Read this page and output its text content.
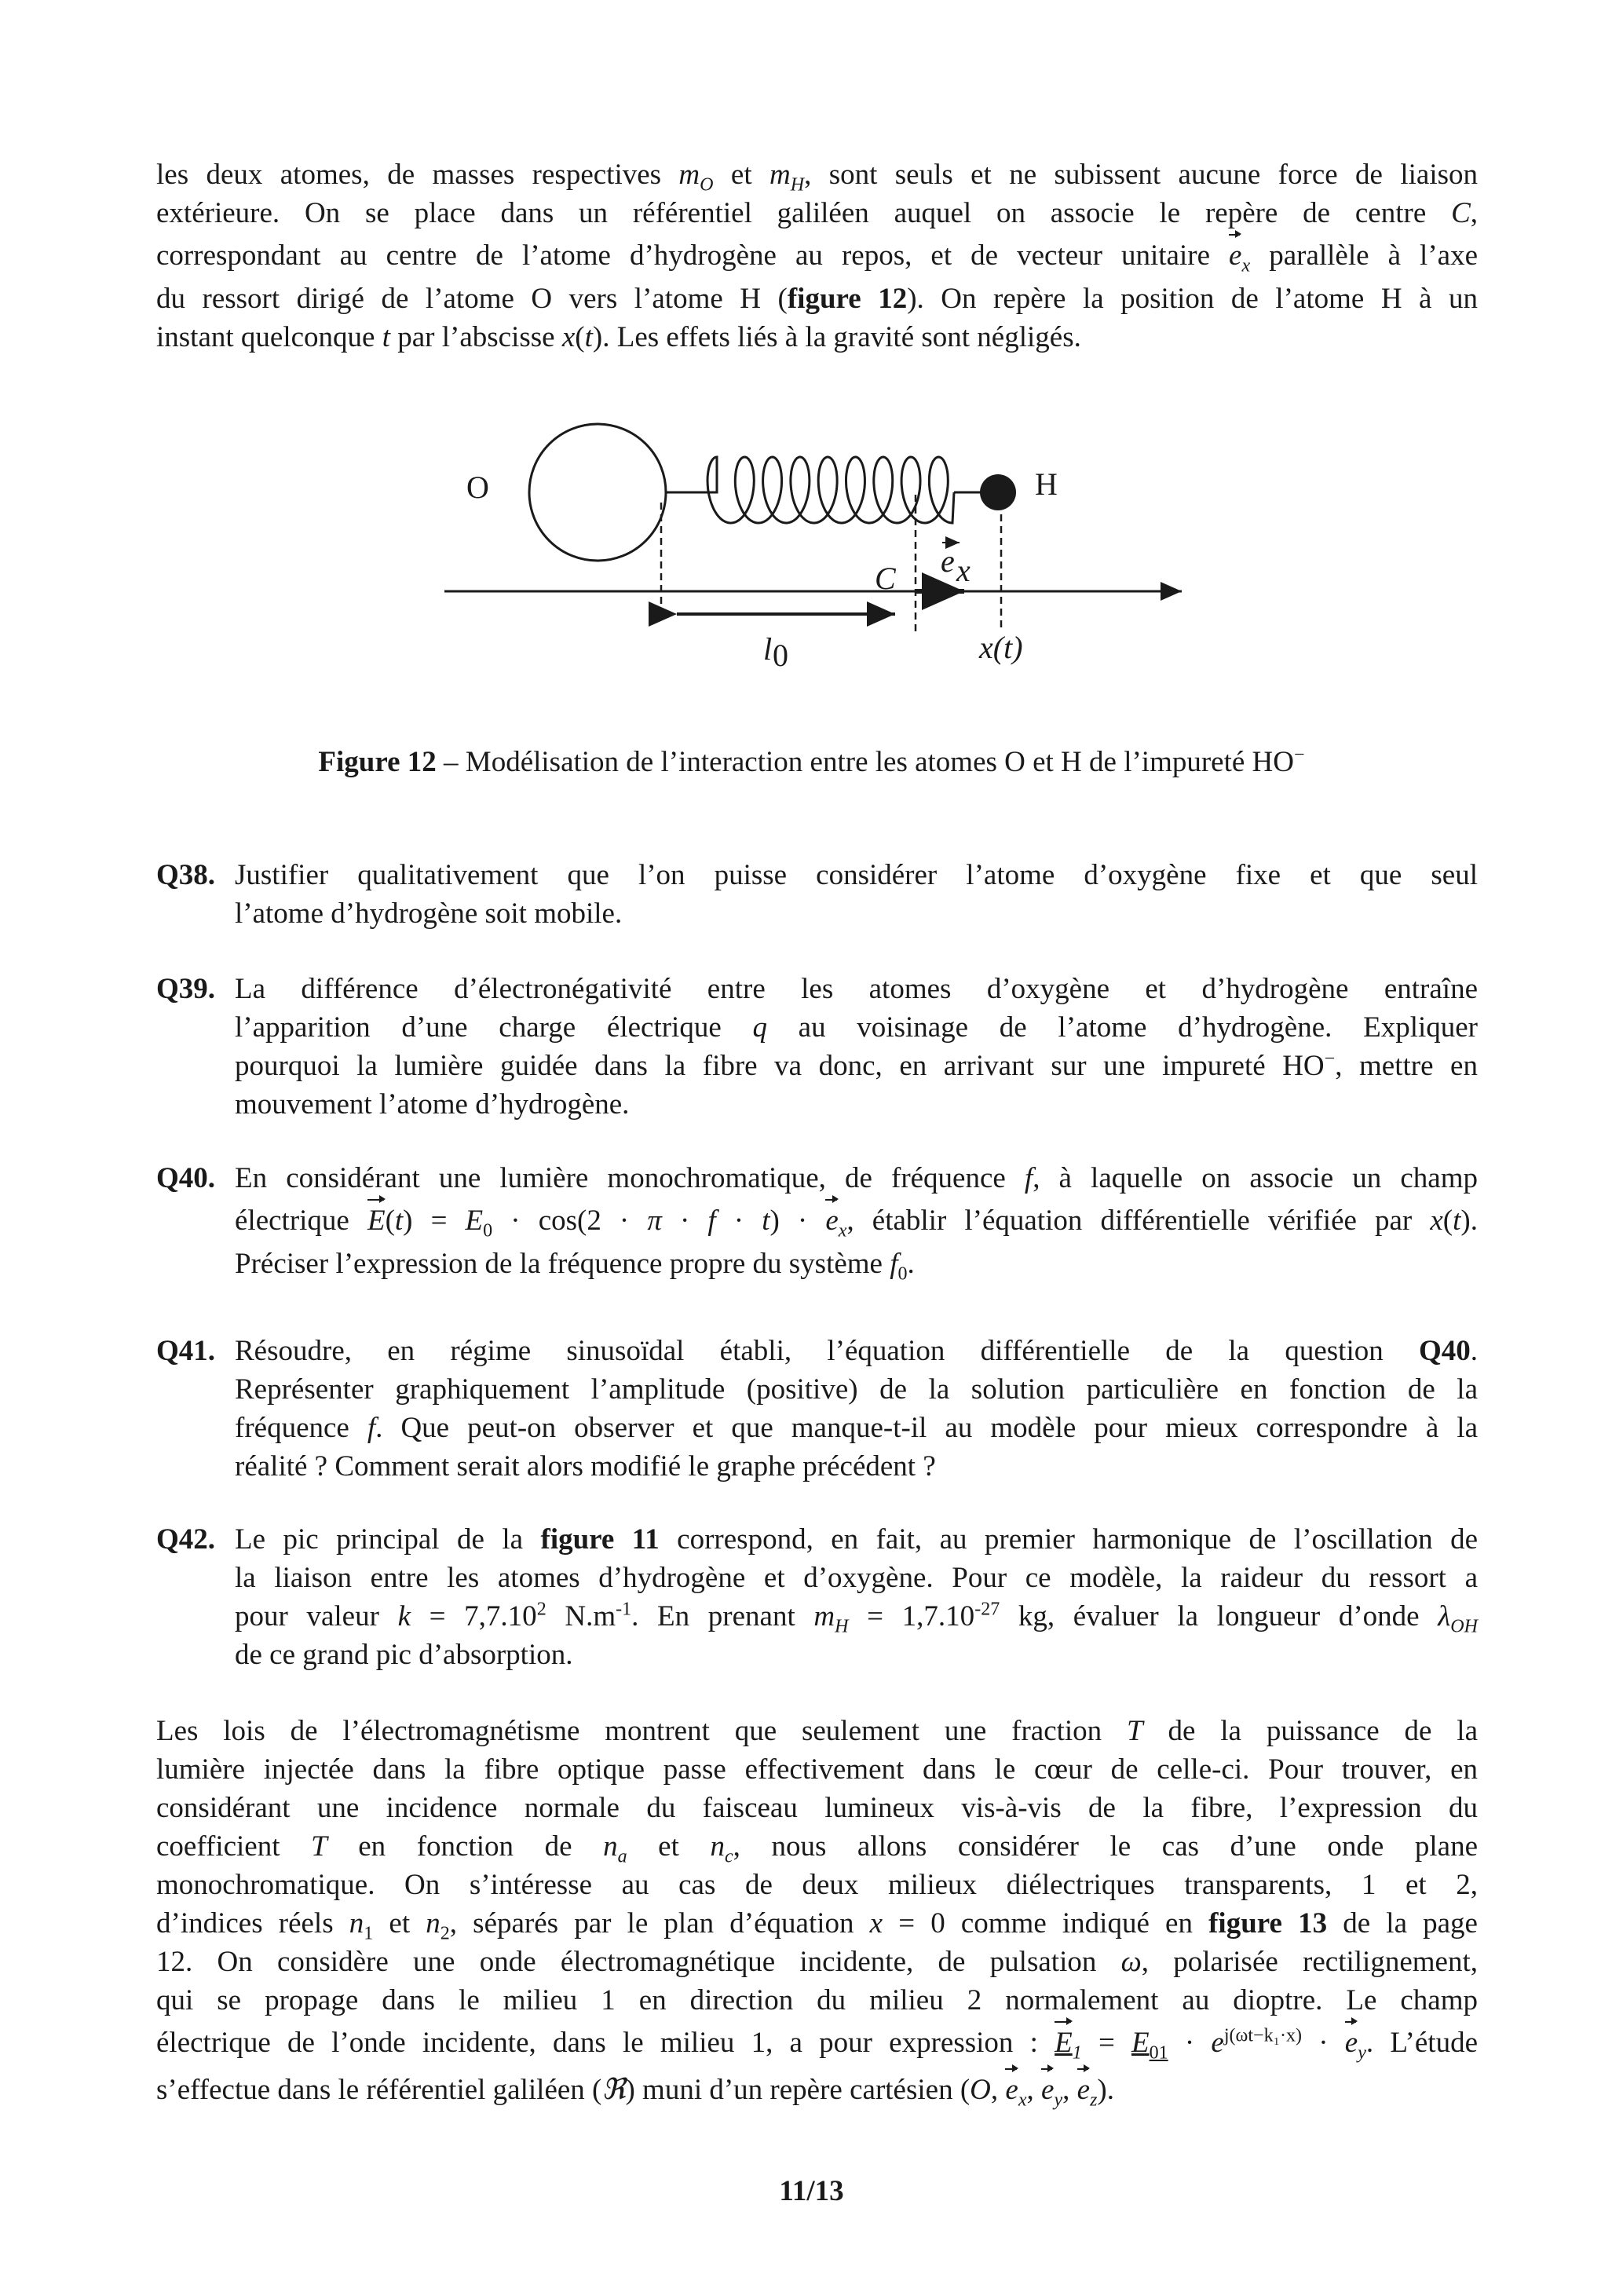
les deux atomes, de masses respectives $m_O$ et $m_H$, sont seuls et ne subissent aucune force de liaison
extérieure. On se place dans un référentiel galiléen auquel on associe le repère de centre C,
correspondant au centre de l’atome d’hydrogène au repos, et de vecteur unitaire $e_x$ parallèle à l’axe
du ressort dirigé de l’atome O vers l’atome H (figure 12). On repère la position de l’atome H à un
instant quelconque t par l’abscisse x(t). Les effets liés à la gravité sont négligés.
O	H
C e x
l 0	x(t)
Figure 12 – Modélisation de l’interaction entre les atomes O et H de l’impureté HO−
Q38. Justifier qualitativement que l’on puisse considérer l’atome d’oxygène fixe et que seul
l’atome d’hydrogène soit mobile.
Q39. La différence d’électronégativité entre les atomes d’oxygène et d’hydrogène entraîne
l’apparition d’une charge électrique q au voisinage de l’atome d’hydrogène. Expliquer
pourquoi la lumière guidée dans la fibre va donc, en arrivant sur une impureté HO−, mettre en
mouvement l’atome d’hydrogène.
Q40. En considérant une lumière monochromatique, de fréquence f, à laquelle on associe un champ
électrique $E(t) = E_0 \cdot \cos(2 \cdot \pi \cdot f \cdot t) \cdot e_x$, établir l’équation différentielle vérifiée par x(t).
Préciser l’expression de la fréquence propre du système $f_0$.
Q41. Résoudre, en régime sinusoïdal établi, l’équation différentielle de la question Q40.
Représenter graphiquement l’amplitude (positive) de la solution particulière en fonction de la
fréquence f. Que peut-on observer et que manque-t-il au modèle pour mieux correspondre à la
réalité ? Comment serait alors modifié le graphe précédent ?
Q42. Le pic principal de la figure 11 correspond, en fait, au premier harmonique de l’oscillation de
la liaison entre les atomes d’hydrogène et d’oxygène. Pour ce modèle, la raideur du ressort a
pour valeur $k = 7,7.10^2$ $N.m^{-1}$. En prenant $m_H = 1,7.10^{-27}$ kg, évaluer la longueur d’onde $\lambda_{OH}$
de ce grand pic d’absorption.
Les lois de l’électromagnétisme montrent que seulement une fraction T de la puissance de la
lumière injectée dans la fibre optique passe effectivement dans le cœur de celle-ci. Pour trouver, en
considérant une incidence normale du faisceau lumineux vis-à-vis de la fibre, l’expression du
coefficient T en fonction de $n_a$ et $n_c$, nous allons considérer le cas d’une onde plane
monochromatique. On s’intéresse au cas de deux milieux diélectriques transparents, 1 et 2,
d’indices réels $n_1$ et $n_2$, séparés par le plan d’équation x = 0 comme indiqué en figure 13 de la page
12. On considère une onde électromagnétique incidente, de pulsation ω, polarisée rectilignement,
qui se propage dans le milieu 1 en direction du milieu 2 normalement au dioptre. Le champ
électrique de l’onde incidente, dans le milieu 1, a pour expression : $E_1 = E_{01} \cdot e^{j(\omega t-k_1\cdot x)} \cdot e_y$. L’étude
s’effectue dans le référentiel galiléen (ℜ) muni d’un repère cartésien (O, $e_x$, $e_y$, $e_z$).
11/13
